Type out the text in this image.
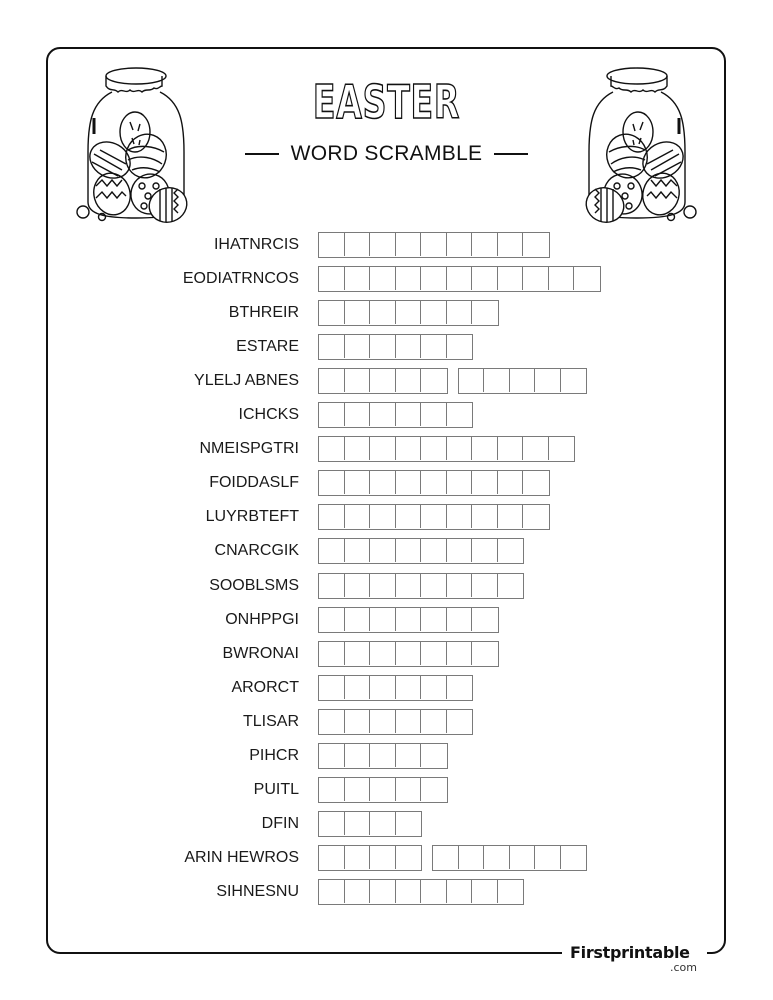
Firstprintable
.com
EASTER
WORD SCRAMBLE
IHATNRCIS
EODIATRNCOS
BTHREIR
ESTARE
YLELJ ABNES
ICHCKS
NMEISPGTRI
FOIDDASLF
LUYRBTEFT
CNARCGIK
SOOBLSMS
ONHPPGI
BWRONAI
ARORCT
TLISAR
PIHCR
PUITL
DFIN
ARIN HEWROS
SIHNESNU
